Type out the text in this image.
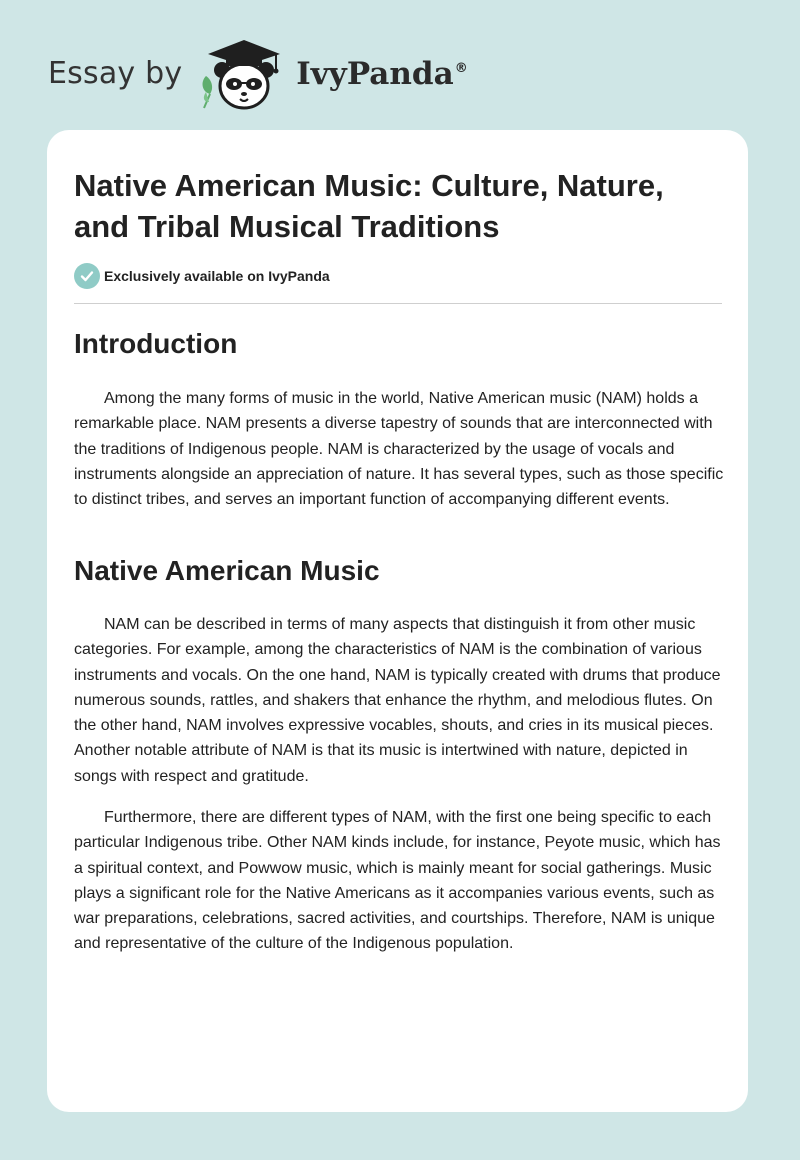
Essay by	IvyPanda®
Native American Music: Culture, Nature, and Tribal Musical Traditions
Exclusively available on IvyPanda
Introduction

Among the many forms of music in the world, Native American music (NAM) holds a remarkable place. NAM presents a diverse tapestry of sounds that are interconnected with the traditions of Indigenous people. NAM is characterized by the usage of vocals and instruments alongside an appreciation of nature. It has several types, such as those specific to distinct tribes, and serves an important function of accompanying different events.

Native American Music

NAM can be described in terms of many aspects that distinguish it from other music categories. For example, among the characteristics of NAM is the combination of various instruments and vocals. On the one hand, NAM is typically created with drums that produce numerous sounds, rattles, and shakers that enhance the rhythm, and melodious flutes. On the other hand, NAM involves expressive vocables, shouts, and cries in its musical pieces. Another notable attribute of NAM is that its music is intertwined with nature, depicted in songs with respect and gratitude.

Furthermore, there are different types of NAM, with the first one being specific to each particular Indigenous tribe. Other NAM kinds include, for instance, Peyote music, which has a spiritual context, and Powwow music, which is mainly meant for social gatherings. Music plays a significant role for the Native Americans as it accompanies various events, such as war preparations, celebrations, sacred activities, and courtships. Therefore, NAM is unique and representative of the culture of the Indigenous population.
